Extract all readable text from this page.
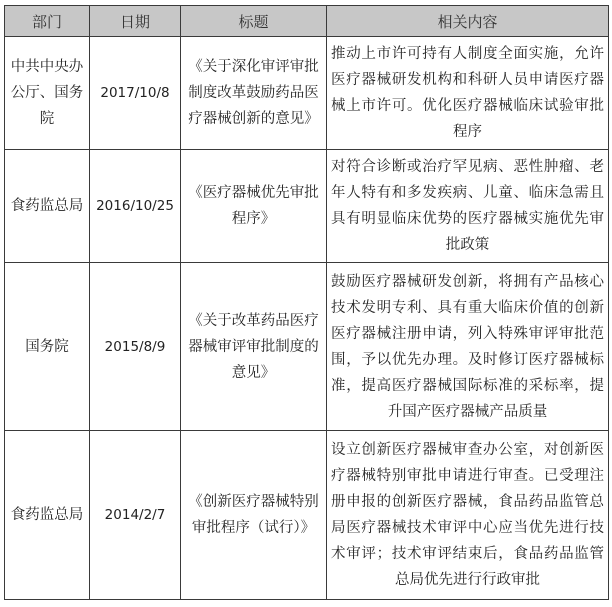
部门	日期	标题	相关内容
中共中央办公厅、国务院	2017/10/8	《关于深化审评审批制度改革鼓励药品医疗器械创新的意见》	推动上市许可持有人制度全面实施，允许医疗器械研发机构和科研人员申请医疗器械上市许可。优化医疗器械临床试验审批程序
食药监总局	2016/10/25	《医疗器械优先审批程序》	对符合诊断或治疗罕见病、恶性肿瘤、老年人特有和多发疾病、儿童、临床急需且具有明显临床优势的医疗器械实施优先审批政策
国务院	2015/8/9	《关于改革药品医疗器械审评审批制度的意见》	鼓励医疗器械研发创新，将拥有产品核心技术发明专利、具有重大临床价值的创新医疗器械注册申请，列入特殊审评审批范围，予以优先办理。及时修订医疗器械标准，提高医疗器械国际标准的采标率，提升国产医疗器械产品质量
食药监总局	2014/2/7	《创新医疗器械特别审批程序（试行）》	设立创新医疗器械审查办公室，对创新医疗器械特别审批申请进行审查。已受理注册申报的创新医疗器械，食品药品监管总局医疗器械技术审评中心应当优先进行技术审评；技术审评结束后，食品药品监管总局优先进行行政审批
